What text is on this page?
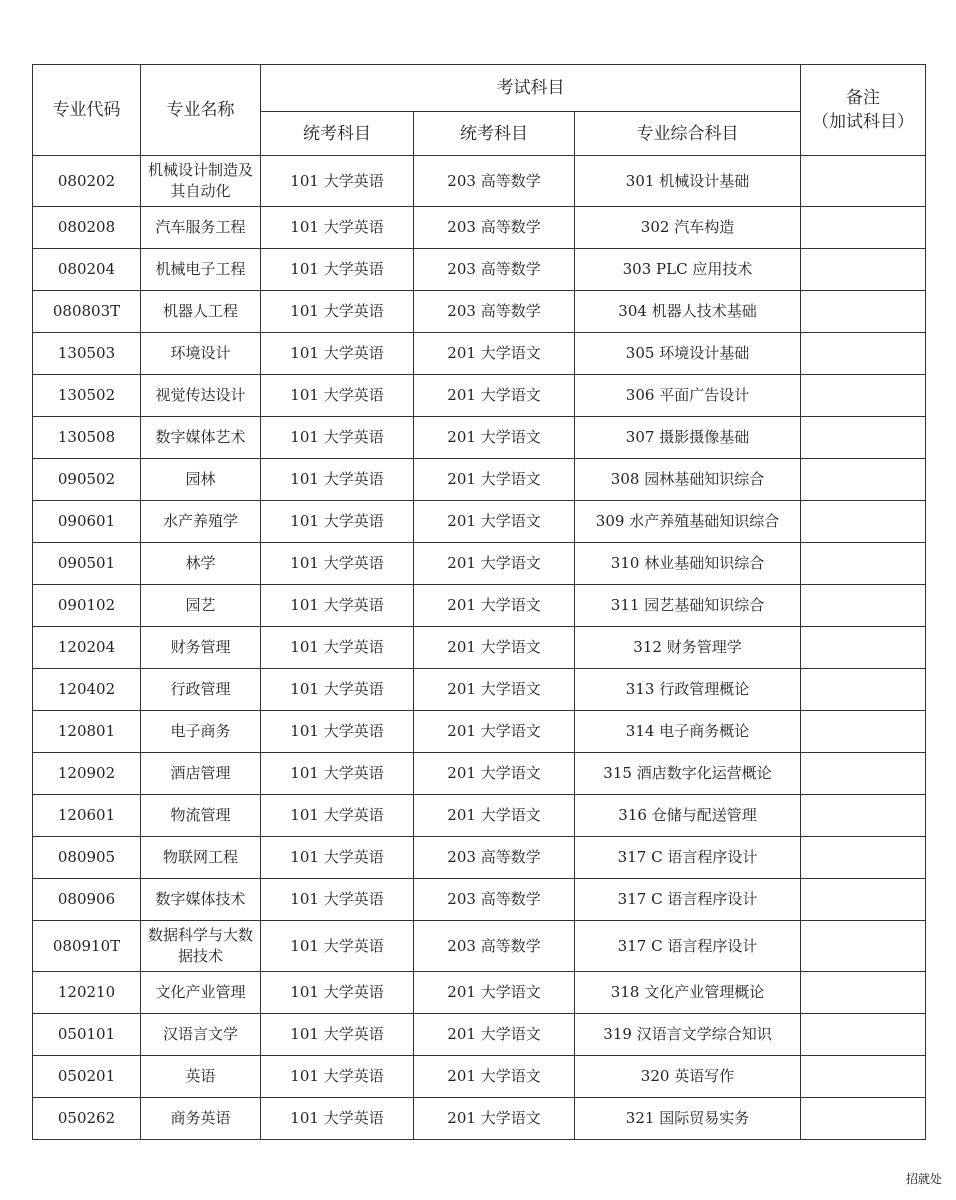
专业代码	专业名称	考试科目			备注
（加试科目）

		统考科目	统考科目	专业综合科目	
080202	机械设计制造及其自动化	101 大学英语	203 高等数学	301 机械设计基础	
080208	汽车服务工程	101 大学英语	203 高等数学	302 汽车构造	
080204	机械电子工程	101 大学英语	203 高等数学	303 PLC 应用技术	
080803T	机器人工程	101 大学英语	203 高等数学	304 机器人技术基础	
130503	环境设计	101 大学英语	201 大学语文	305 环境设计基础	
130502	视觉传达设计	101 大学英语	201 大学语文	306 平面广告设计	
130508	数字媒体艺术	101 大学英语	201 大学语文	307 摄影摄像基础	
090502	园林	101 大学英语	201 大学语文	308 园林基础知识综合	
090601	水产养殖学	101 大学英语	201 大学语文	309 水产养殖基础知识综合	
090501	林学	101 大学英语	201 大学语文	310 林业基础知识综合	
090102	园艺	101 大学英语	201 大学语文	311 园艺基础知识综合	
120204	财务管理	101 大学英语	201 大学语文	312 财务管理学	
120402	行政管理	101 大学英语	201 大学语文	313 行政管理概论	
120801	电子商务	101 大学英语	201 大学语文	314 电子商务概论	
120902	酒店管理	101 大学英语	201 大学语文	315 酒店数字化运营概论	
120601	物流管理	101 大学英语	201 大学语文	316 仓储与配送管理	
080905	物联网工程	101 大学英语	203 高等数学	317 C 语言程序设计	
080906	数字媒体技术	101 大学英语	203 高等数学	317 C 语言程序设计	
080910T	数据科学与大数据技术	101 大学英语	203 高等数学	317 C 语言程序设计	
120210	文化产业管理	101 大学英语	201 大学语文	318 文化产业管理概论	
050101	汉语言文学	101 大学英语	201 大学语文	319 汉语言文学综合知识	
050201	英语	101 大学英语	201 大学语文	320 英语写作	
050262	商务英语	101 大学英语	201 大学语文	321 国际贸易实务	
招就处
